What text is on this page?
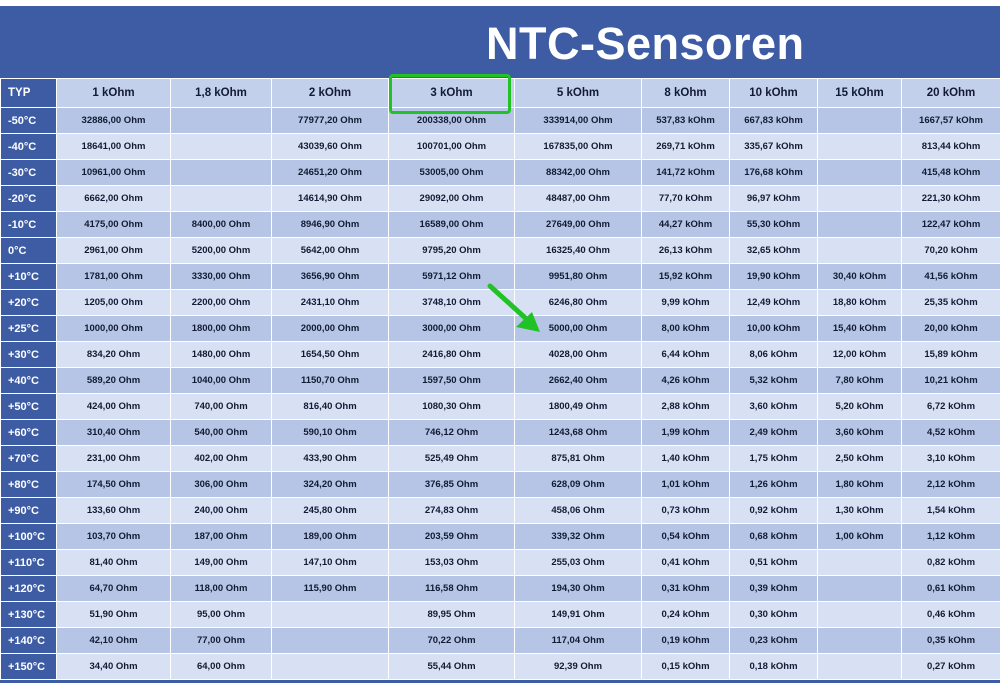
NTC-Sensoren
TYP	1 kOhm	1,8 kOhm	2 kOhm	3 kOhm	5 kOhm	8 kOhm	10 kOhm	15 kOhm	20 kOhm
-50°C	32886,00 Ohm		77977,20 Ohm	200338,00 Ohm	333914,00 Ohm	537,83 kOhm	667,83 kOhm		1667,57 kOhm
-40°C	18641,00 Ohm		43039,60 Ohm	100701,00 Ohm	167835,00 Ohm	269,71 kOhm	335,67 kOhm		813,44 kOhm
-30°C	10961,00 Ohm		24651,20 Ohm	53005,00 Ohm	88342,00 Ohm	141,72 kOhm	176,68 kOhm		415,48 kOhm
-20°C	6662,00 Ohm		14614,90 Ohm	29092,00 Ohm	48487,00 Ohm	77,70 kOhm	96,97 kOhm		221,30 kOhm
-10°C	4175,00 Ohm	8400,00 Ohm	8946,90 Ohm	16589,00 Ohm	27649,00 Ohm	44,27 kOhm	55,30 kOhm		122,47 kOhm
0°C	2961,00 Ohm	5200,00 Ohm	5642,00 Ohm	9795,20 Ohm	16325,40 Ohm	26,13 kOhm	32,65 kOhm		70,20 kOhm
+10°C	1781,00 Ohm	3330,00 Ohm	3656,90 Ohm	5971,12 Ohm	9951,80 Ohm	15,92 kOhm	19,90 kOhm	30,40 kOhm	41,56 kOhm
+20°C	1205,00 Ohm	2200,00 Ohm	2431,10 Ohm	3748,10 Ohm	6246,80 Ohm	9,99 kOhm	12,49 kOhm	18,80 kOhm	25,35 kOhm
+25°C	1000,00 Ohm	1800,00 Ohm	2000,00 Ohm	3000,00 Ohm	5000,00 Ohm	8,00 kOhm	10,00 kOhm	15,40 kOhm	20,00 kOhm
+30°C	834,20 Ohm	1480,00 Ohm	1654,50 Ohm	2416,80 Ohm	4028,00 Ohm	6,44 kOhm	8,06 kOhm	12,00 kOhm	15,89 kOhm
+40°C	589,20 Ohm	1040,00 Ohm	1150,70 Ohm	1597,50 Ohm	2662,40 Ohm	4,26 kOhm	5,32 kOhm	7,80 kOhm	10,21 kOhm
+50°C	424,00 Ohm	740,00 Ohm	816,40 Ohm	1080,30 Ohm	1800,49 Ohm	2,88 kOhm	3,60 kOhm	5,20 kOhm	6,72 kOhm
+60°C	310,40 Ohm	540,00 Ohm	590,10 Ohm	746,12 Ohm	1243,68 Ohm	1,99 kOhm	2,49 kOhm	3,60 kOhm	4,52 kOhm
+70°C	231,00 Ohm	402,00 Ohm	433,90 Ohm	525,49 Ohm	875,81 Ohm	1,40 kOhm	1,75 kOhm	2,50 kOhm	3,10 kOhm
+80°C	174,50 Ohm	306,00 Ohm	324,20 Ohm	376,85 Ohm	628,09 Ohm	1,01 kOhm	1,26 kOhm	1,80 kOhm	2,12 kOhm
+90°C	133,60 Ohm	240,00 Ohm	245,80 Ohm	274,83 Ohm	458,06 Ohm	0,73 kOhm	0,92 kOhm	1,30 kOhm	1,54 kOhm
+100°C	103,70 Ohm	187,00 Ohm	189,00 Ohm	203,59 Ohm	339,32 Ohm	0,54 kOhm	0,68 kOhm	1,00 kOhm	1,12 kOhm
+110°C	81,40 Ohm	149,00 Ohm	147,10 Ohm	153,03 Ohm	255,03 Ohm	0,41 kOhm	0,51 kOhm		0,82 kOhm
+120°C	64,70 Ohm	118,00 Ohm	115,90 Ohm	116,58 Ohm	194,30 Ohm	0,31 kOhm	0,39 kOhm		0,61 kOhm
+130°C	51,90 Ohm	95,00 Ohm		89,95 Ohm	149,91 Ohm	0,24 kOhm	0,30 kOhm		0,46 kOhm
+140°C	42,10 Ohm	77,00 Ohm		70,22 Ohm	117,04 Ohm	0,19 kOhm	0,23 kOhm		0,35 kOhm
+150°C	34,40 Ohm	64,00 Ohm		55,44 Ohm	92,39 Ohm	0,15 kOhm	0,18 kOhm		0,27 kOhm
